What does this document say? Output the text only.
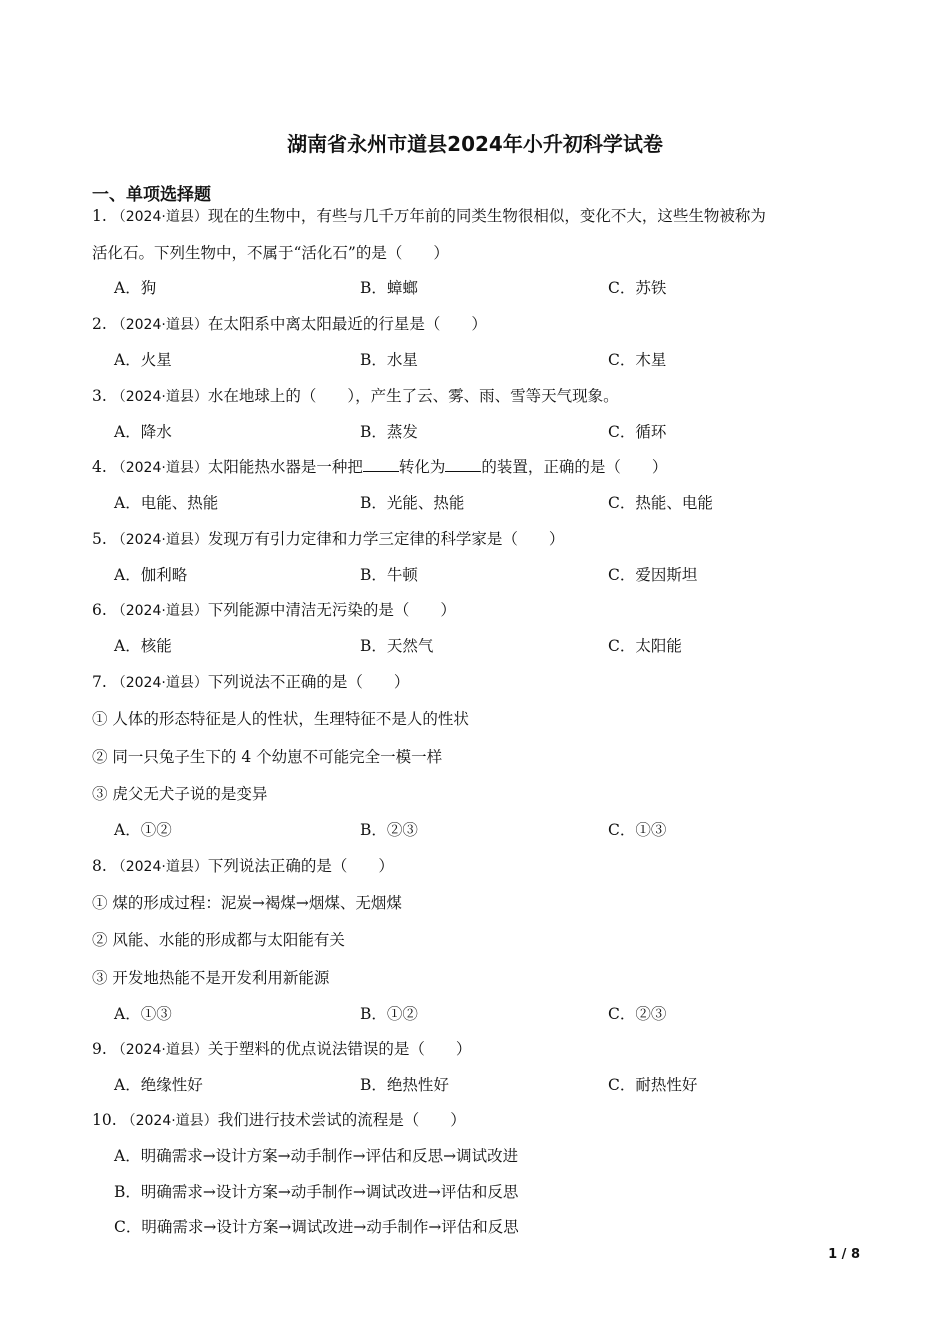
湖南省永州市道县2024年小升初科学试卷
一、单项选择题
1. （2024·道县）现在的生物中，有些与几千万年前的同类生物很相似，变化不大，这些生物被称为
活化石。下列生物中，不属于“活化石”的是（　　）
A．狗	B．蟑螂	C．苏铁
2. （2024·道县）在太阳系中离太阳最近的行星是（　　）
A．火星	B．水星	C．木星
3. （2024·道县）水在地球上的（　　），产生了云、雾、雨、雪等天气现象。
A．降水	B．蒸发	C．循环
4. （2024·道县）太阳能热水器是一种把 转化为 的装置，正确的是（　　）
A．电能、热能	B．光能、热能	C．热能、电能
5. （2024·道县）发现万有引力定律和力学三定律的科学家是（　　）
A．伽利略	B．牛顿	C．爱因斯坦
6. （2024·道县）下列能源中清洁无污染的是（　　）
A．核能	B．天然气	C．太阳能
7. （2024·道县）下列说法不正确的是（　　）
① 人体的形态特征是人的性状，生理特征不是人的性状
② 同一只兔子生下的 4 个幼崽不可能完全一模一样
③ 虎父无犬子说的是变异
A．①②	B．②③	C．①③
8. （2024·道县）下列说法正确的是（　　）
① 煤的形成过程：泥炭→褐煤→烟煤、无烟煤
② 风能、水能的形成都与太阳能有关
③ 开发地热能不是开发利用新能源
A．①③	B．①②	C．②③
9. （2024·道县）关于塑料的优点说法错误的是（　　）
A．绝缘性好	B．绝热性好	C．耐热性好
10. （2024·道县）我们进行技术尝试的流程是（　　）
A．明确需求→设计方案→动手制作→评估和反思→调试改进
B．明确需求→设计方案→动手制作→调试改进→评估和反思
C．明确需求→设计方案→调试改进→动手制作→评估和反思
1 / 8
